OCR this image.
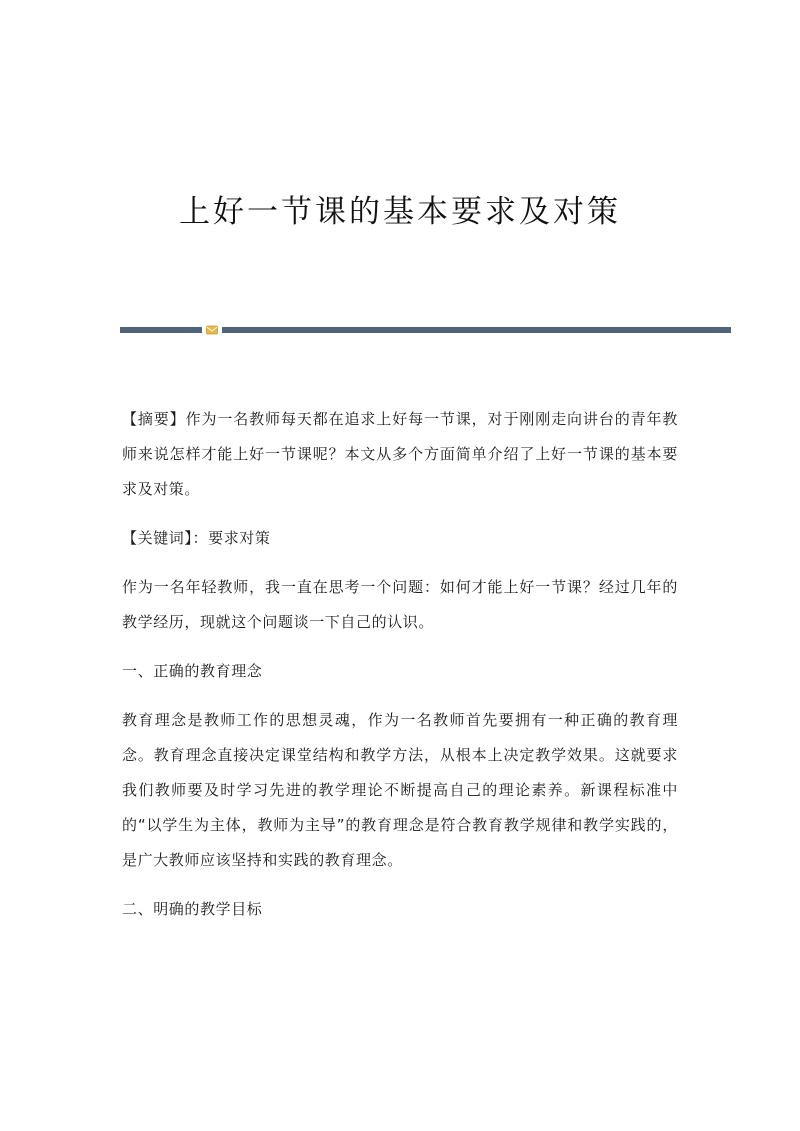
上好一节课的基本要求及对策

【摘要】作为一名教师每天都在追求上好每一节课，对于刚刚走向讲台的青年教师来说怎样才能上好一节课呢？本文从多个方面简单介绍了上好一节课的基本要求及对策。

【关键词】：要求对策

作为一名年轻教师，我一直在思考一个问题：如何才能上好一节课？经过几年的教学经历，现就这个问题谈一下自己的认识。

一、正确的教育理念

教育理念是教师工作的思想灵魂，作为一名教师首先要拥有一种正确的教育理念。教育理念直接决定课堂结构和教学方法，从根本上决定教学效果。这就要求我们教师要及时学习先进的教学理论不断提高自己的理论素养。新课程标准中的“以学生为主体，教师为主导”的教育理念是符合教育教学规律和教学实践的，是广大教师应该坚持和实践的教育理念。

二、明确的教学目标
